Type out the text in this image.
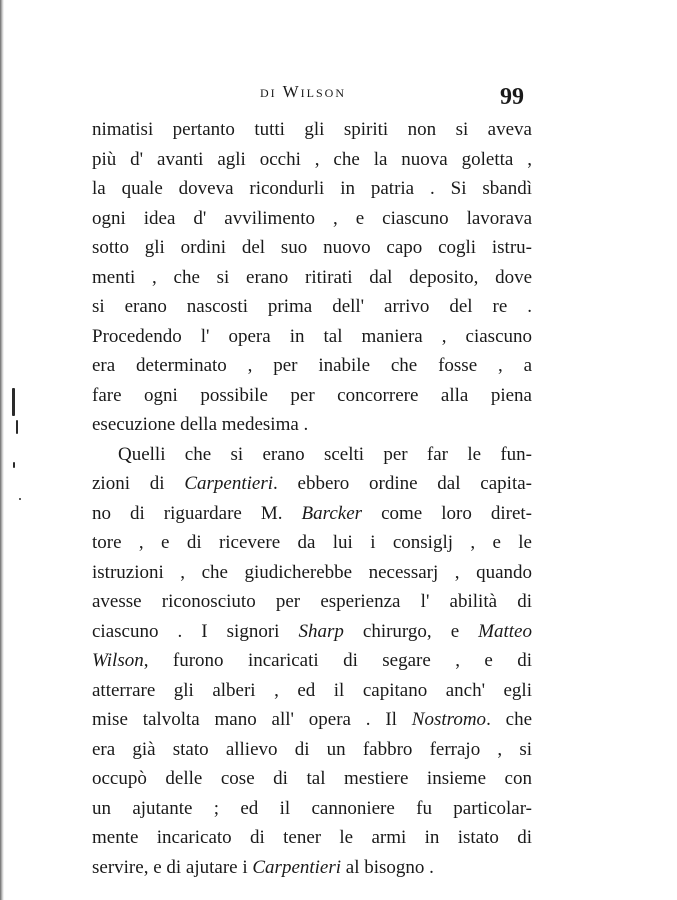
di Wilson	99
nimatisi pertanto tutti gli spiriti non si aveva
più d' avanti agli occhi , che la nuova goletta ,
la quale doveva ricondurli in patria . Si sbandì
ogni idea d' avvilimento , e ciascuno lavorava
sotto gli ordini del suo nuovo capo cogli istru-
menti , che si erano ritirati dal deposito, dove
si erano nascosti prima dell' arrivo del re .
Procedendo l' opera in tal maniera , ciascuno
era determinato , per inabile che fosse , a
fare ogni possibile per concorrere alla piena
esecuzione della medesima .
Quelli che si erano scelti per far le fun-
zioni di Carpentieri. ebbero ordine dal capita-
no di riguardare M. Barcker come loro diret-
tore , e di ricevere da lui i consiglj , e le
istruzioni , che giudicherebbe necessarj , quando
avesse riconosciuto per esperienza l' abilità di
ciascuno . I signori Sharp chirurgo, e Matteo
Wilson, furono incaricati di segare , e di
atterrare gli alberi , ed il capitano anch' egli
mise talvolta mano all' opera . Il Nostromo. che
era già stato allievo di un fabbro ferrajo , si
occupò delle cose di tal mestiere insieme con
un ajutante ; ed il cannoniere fu particolar-
mente incaricato di tener le armi in istato di
servire, e di ajutare i Carpentieri al bisogno .
